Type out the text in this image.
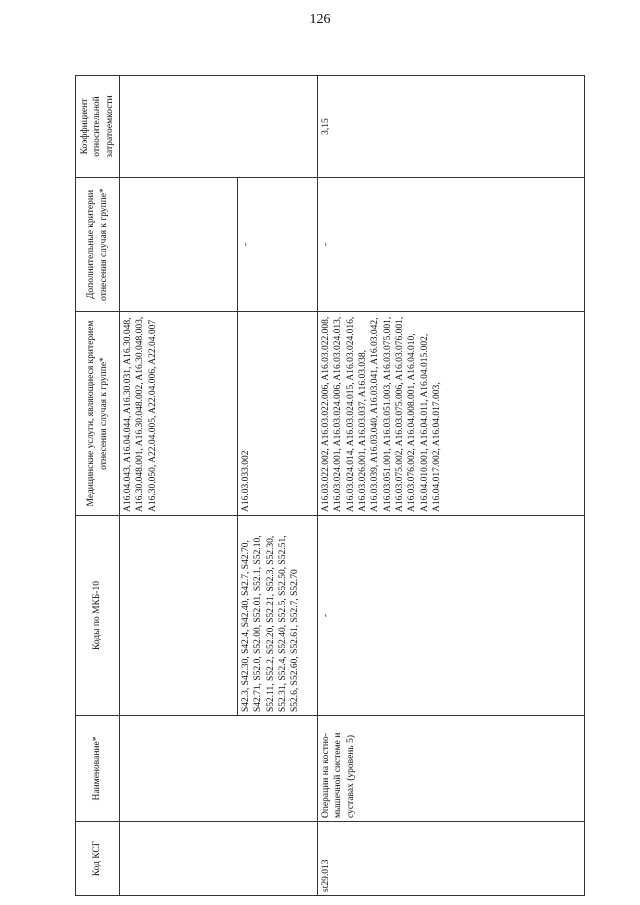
126
Код КСГ	Наименование*	Коды по МКБ-10	Медицинские услуги, являющиеся критерием отнесения случая к группе*	Дополнительные критерии отнесения случая к группе*	Коэффициент относительной затратоемкости
			A16.04.043, A16.04.044, A16.30.031, A16.30.048, A16.30.048.001, A16.30.048.002, A16.30.048.003, A16.30.050, A22.04.005, A22.04.006, A22.04.007		
		S42.3, S42.30, S42.4, S42.40, S42.7, S42.70, S42.71, S52.0, S52.00, S52.01, S52.1, S52.10, S52.11, S52.2, S52.20, S52.21, S52.3, S52.30, S52.31, S52.4, S52.40, S52.5, S52.50, S52.51, S52.6, S52.60, S52.61, S52.7, S52.70	A16.03.033.002	-	
st29.013	Операции на костно-мышечной системе и суставах (уровень 5)	-	A16.03.022.002, A16.03.022.006, A16.03.022.008, A16.03.024.001, A16.03.024.006, A16.03.024.013, A16.03.024.014, A16.03.024.015, A16.03.024.016, A16.03.026.001, A16.03.037, A16.03.038, A16.03.039, A16.03.040, A16.03.041, A16.03.042, A16.03.051.001, A16.03.051.003, A16.03.075.001, A16.03.075.002, A16.03.075.006, A16.03.076.001, A16.03.076.002, A16.04.008.001, A16.04.010, A16.04.010.001, A16.04.011, A16.04.015.002, A16.04.017.002, A16.04.017.003,	-	3,15
